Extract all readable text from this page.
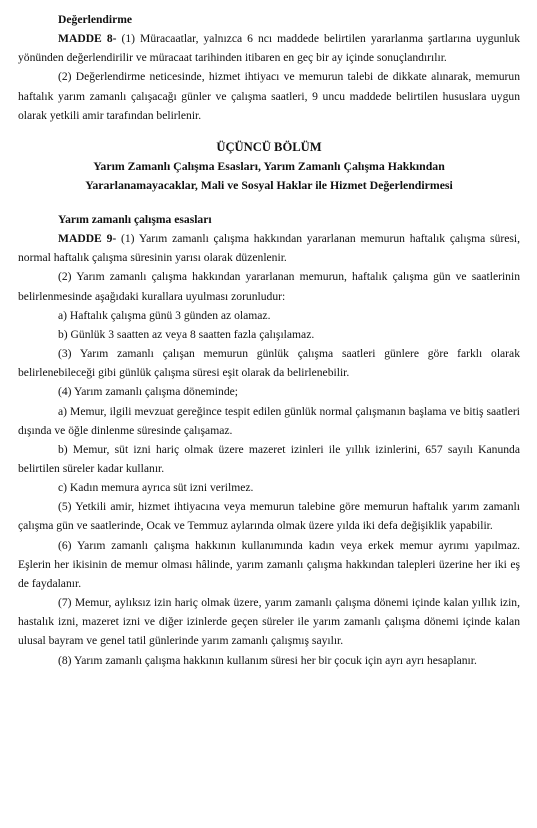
Değerlendirme

MADDE 8- (1) Müracaatlar, yalnızca 6 ncı maddede belirtilen yararlanma şartlarına uygunluk yönünden değerlendirilir ve müracaat tarihinden itibaren en geç bir ay içinde sonuçlandırılır.

(2) Değerlendirme neticesinde, hizmet ihtiyacı ve memurun talebi de dikkate alınarak, memurun haftalık yarım zamanlı çalışacağı günler ve çalışma saatleri, 9 uncu maddede belirtilen hususlara uygun olarak yetkili amir tarafından belirlenir.

ÜÇÜNCÜ BÖLÜM

Yarım Zamanlı Çalışma Esasları, Yarım Zamanlı Çalışma Hakkından

Yararlanamayacaklar, Mali ve Sosyal Haklar ile Hizmet Değerlendirmesi

Yarım zamanlı çalışma esasları

MADDE 9- (1) Yarım zamanlı çalışma hakkından yararlanan memurun haftalık çalışma süresi, normal haftalık çalışma süresinin yarısı olarak düzenlenir.

(2) Yarım zamanlı çalışma hakkından yararlanan memurun, haftalık çalışma gün ve saatlerinin belirlenmesinde aşağıdaki kurallara uyulması zorunludur:

a) Haftalık çalışma günü 3 günden az olamaz.

b) Günlük 3 saatten az veya 8 saatten fazla çalışılamaz.

(3) Yarım zamanlı çalışan memurun günlük çalışma saatleri günlere göre farklı olarak belirlenebileceği gibi günlük çalışma süresi eşit olarak da belirlenebilir.

(4) Yarım zamanlı çalışma döneminde;

a) Memur, ilgili mevzuat gereğince tespit edilen günlük normal çalışmanın başlama ve bitiş saatleri dışında ve öğle dinlenme süresinde çalışamaz.

b) Memur, süt izni hariç olmak üzere mazeret izinleri ile yıllık izinlerini, 657 sayılı Kanunda belirtilen süreler kadar kullanır.

c) Kadın memura ayrıca süt izni verilmez.

(5) Yetkili amir, hizmet ihtiyacına veya memurun talebine göre memurun haftalık yarım zamanlı çalışma gün ve saatlerinde, Ocak ve Temmuz aylarında olmak üzere yılda iki defa değişiklik yapabilir.

(6) Yarım zamanlı çalışma hakkının kullanımında kadın veya erkek memur ayrımı yapılmaz. Eşlerin her ikisinin de memur olması hâlinde, yarım zamanlı çalışma hakkından talepleri üzerine her iki eş de faydalanır.

(7) Memur, aylıksız izin hariç olmak üzere, yarım zamanlı çalışma dönemi içinde kalan yıllık izin, hastalık izni, mazeret izni ve diğer izinlerde geçen süreler ile yarım zamanlı çalışma dönemi içinde kalan ulusal bayram ve genel tatil günlerinde yarım zamanlı çalışmış sayılır.

(8) Yarım zamanlı çalışma hakkının kullanım süresi her bir çocuk için ayrı ayrı hesaplanır.
